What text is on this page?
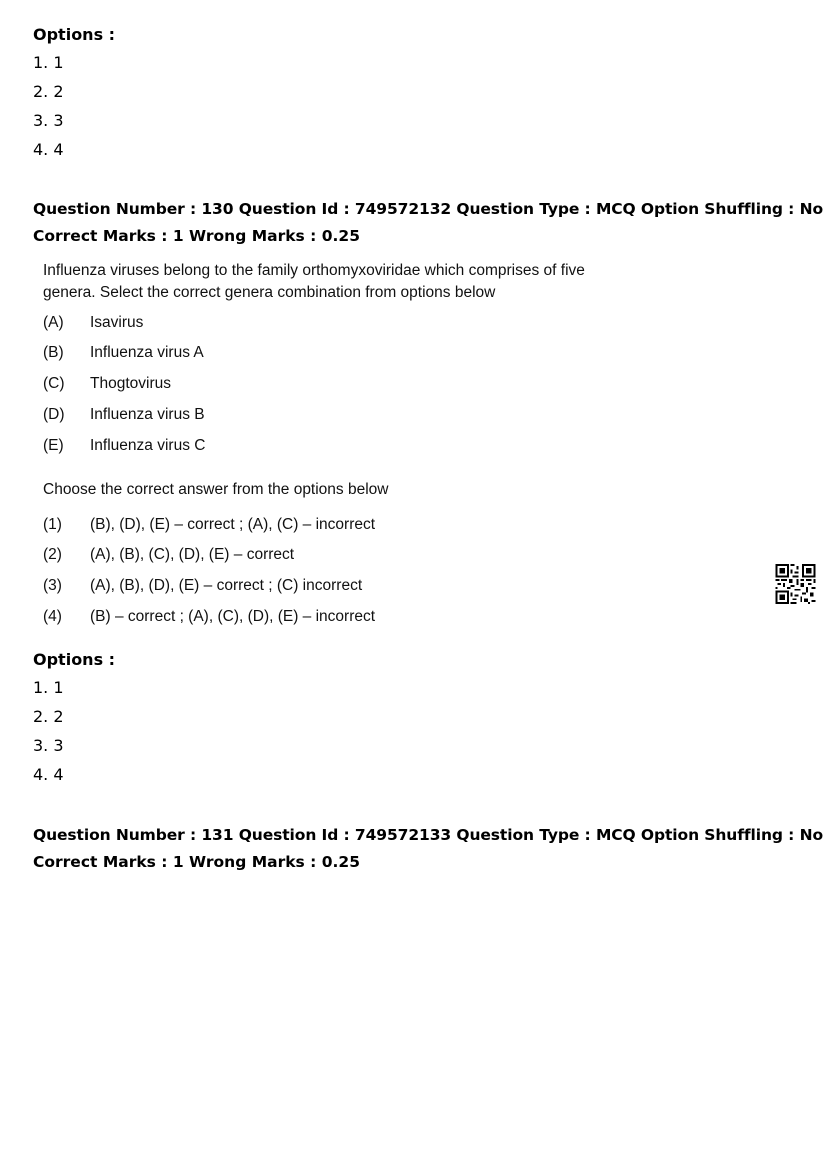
Options :
1. 1
2. 2
3. 3
4. 4
Question Number : 130 Question Id : 749572132 Question Type : MCQ Option Shuffling : No
Correct Marks : 1 Wrong Marks : 0.25
Influenza viruses belong to the family orthomyxoviridae which comprises of five
genera. Select the correct genera combination from options below
(A) Isavirus
(B) Influenza virus A
(C) Thogtovirus
(D) Influenza virus B
(E) Influenza virus C
Choose the correct answer from the options below
(1) (B), (D), (E) – correct ; (A), (C) – incorrect
(2) (A), (B), (C), (D), (E) – correct
(3) (A), (B), (D), (E) – correct ; (C) incorrect
(4) (B) – correct ; (A), (C), (D), (E) – incorrect
Options :
1. 1
2. 2
3. 3
4. 4
Question Number : 131 Question Id : 749572133 Question Type : MCQ Option Shuffling : No
Correct Marks : 1 Wrong Marks : 0.25
